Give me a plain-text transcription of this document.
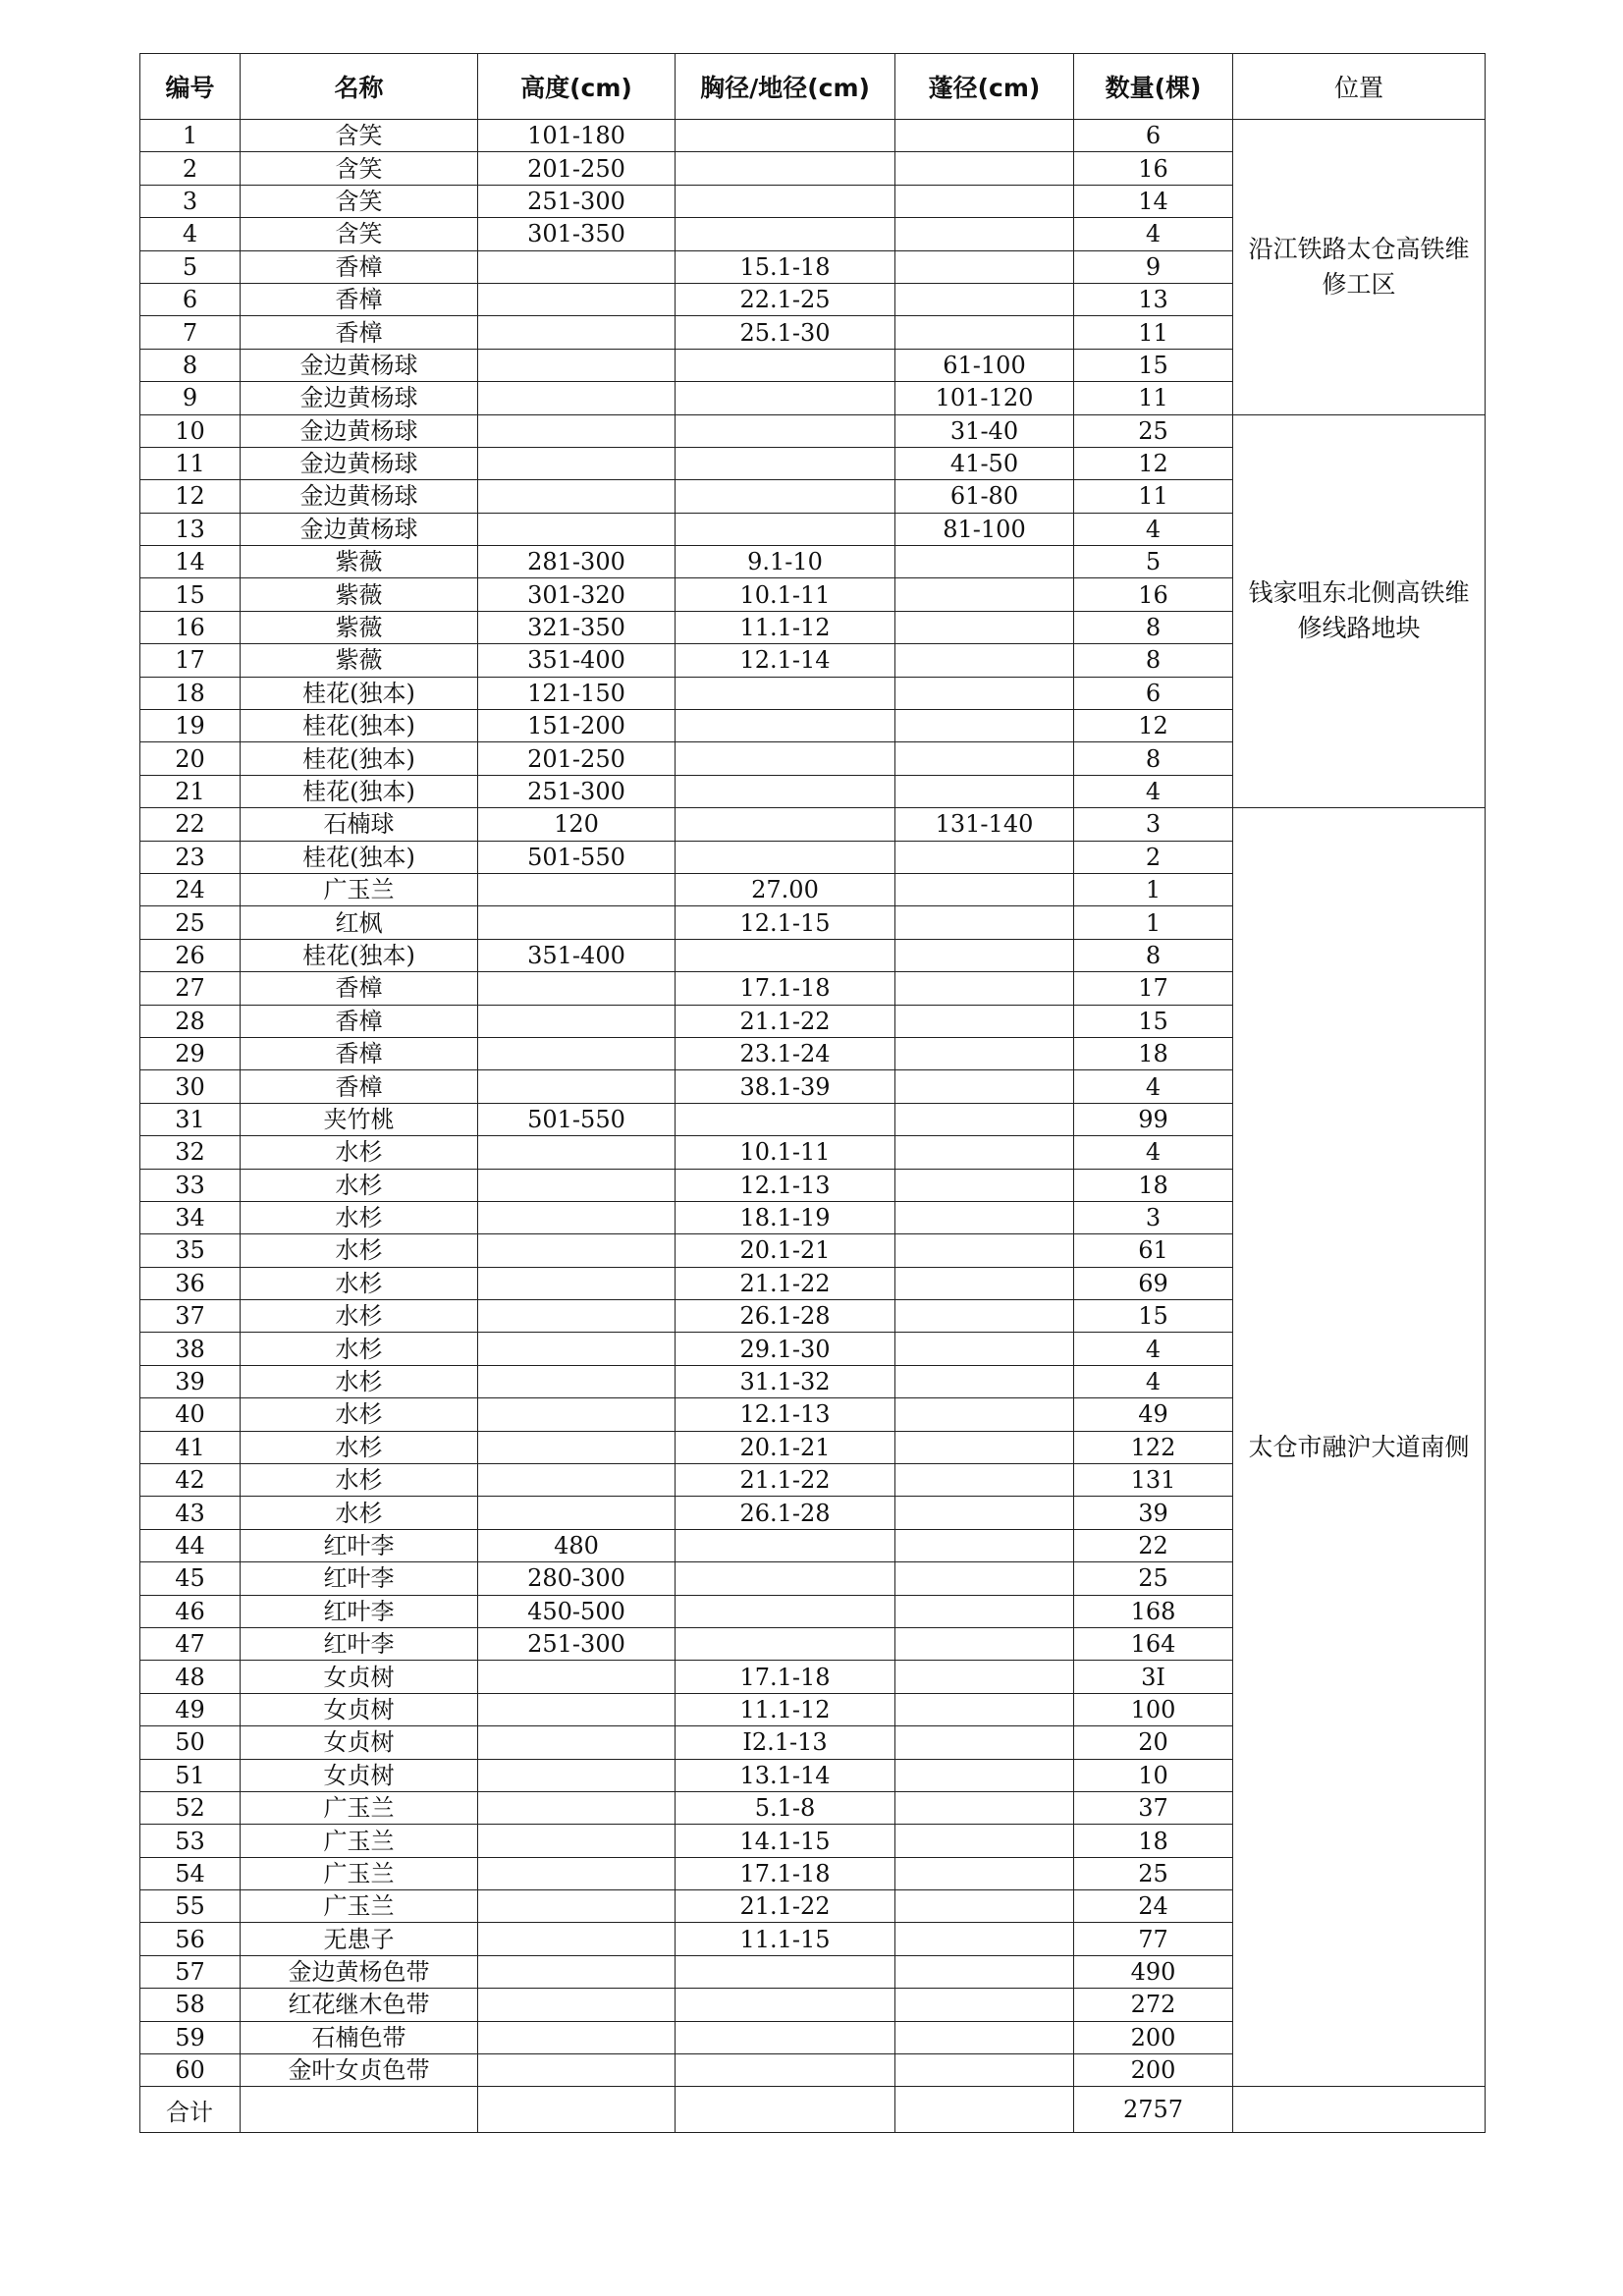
编号	名称	高度(cm)	胸径/地径(cm)	蓬径(cm)	数量(棵)	位置
1	含笑	101-180			6	沿江铁路太仓高铁维修工区
2	含笑	201-250			16	
3	含笑	251-300			14	
4	含笑	301-350			4	
5	香樟		15.1-18		9	
6	香樟		22.1-25		13	
7	香樟		25.1-30		11	
8	金边黄杨球			61-100	15	
9	金边黄杨球			101-120	11	
10	金边黄杨球			31-40	25	钱家咀东北侧高铁维修线路地块
11	金边黄杨球			41-50	12	
12	金边黄杨球			61-80	11	
13	金边黄杨球			81-100	4	
14	紫薇	281-300	9.1-10		5	
15	紫薇	301-320	10.1-11		16	
16	紫薇	321-350	11.1-12		8	
17	紫薇	351-400	12.1-14		8	
18	桂花(独本)	121-150			6	
19	桂花(独本)	151-200			12	
20	桂花(独本)	201-250			8	
21	桂花(独本)	251-300			4	
22	石楠球	120		131-140	3	太仓市融沪大道南侧
23	桂花(独本)	501-550			2	
24	广玉兰		27.00		1	
25	红枫		12.1-15		1	
26	桂花(独本)	351-400			8	
27	香樟		17.1-18		17	
28	香樟		21.1-22		15	
29	香樟		23.1-24		18	
30	香樟		38.1-39		4	
31	夹竹桃	501-550			99	
32	水杉		10.1-11		4	
33	水杉		12.1-13		18	
34	水杉		18.1-19		3	
35	水杉		20.1-21		61	
36	水杉		21.1-22		69	
37	水杉		26.1-28		15	
38	水杉		29.1-30		4	
39	水杉		31.1-32		4	
40	水杉		12.1-13		49	
41	水杉		20.1-21		122	
42	水杉		21.1-22		131	
43	水杉		26.1-28		39	
44	红叶李	480			22	
45	红叶李	280-300			25	
46	红叶李	450-500			168	
47	红叶李	251-300			164	
48	女贞树		17.1-18		3I	
49	女贞树		11.1-12		100	
50	女贞树		I2.1-13		20	
51	女贞树		13.1-14		10	
52	广玉兰		5.1-8		37	
53	广玉兰		14.1-15		18	
54	广玉兰		17.1-18		25	
55	广玉兰		21.1-22		24	
56	无患子		11.1-15		77	
57	金边黄杨色带				490	
58	红花继木色带				272	
59	石楠色带				200	
60	金叶女贞色带				200	
合计					2757	
